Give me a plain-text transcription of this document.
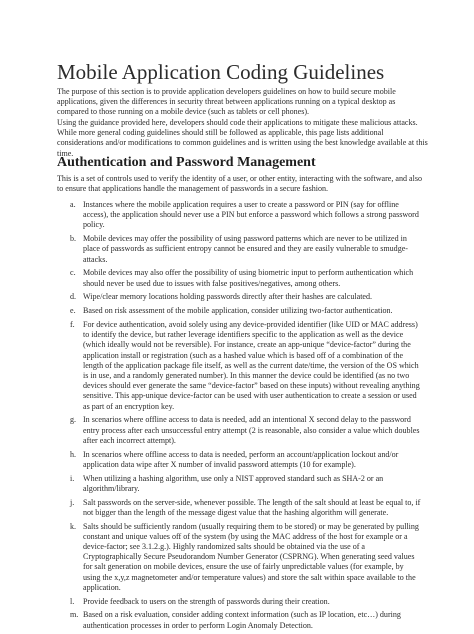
Mobile Application Coding Guidelines

The purpose of this section is to provide application developers guidelines on how to build secure mobile applications, given the differences in security threat between applications running on a typical desktop as compared to those running on a mobile device (such as tablets or cell phones).

Using the guidance provided here, developers should code their applications to mitigate these malicious attacks. While more general coding guidelines should still be followed as applicable, this page lists additional considerations and/or modifications to common guidelines and is written using the best knowledge available at this time.

Authentication and Password Management

This is a set of controls used to verify the identity of a user, or other entity, interacting with the software, and also to ensure that applications handle the management of passwords in a secure fashion.

a. Instances where the mobile application requires a user to create a password or PIN (say for offline access), the application should never use a PIN but enforce a password which follows a strong password policy.
b. Mobile devices may offer the possibility of using password patterns which are never to be utilized in place of passwords as sufficient entropy cannot be ensured and they are easily vulnerable to smudge-attacks.
c. Mobile devices may also offer the possibility of using biometric input to perform authentication which should never be used due to issues with false positives/negatives, among others.
d. Wipe/clear memory locations holding passwords directly after their hashes are calculated.
e. Based on risk assessment of the mobile application, consider utilizing two-factor authentication.
f. For device authentication, avoid solely using any device-provided identifier (like UID or MAC address) to identify the device, but rather leverage identifiers specific to the application as well as the device (which ideally would not be reversible). For instance, create an app-unique “device-factor” during the application install or registration (such as a hashed value which is based off of a combination of the length of the application package file itself, as well as the current date/time, the version of the OS which is in use, and a randomly generated number). In this manner the device could be identified (as no two devices should ever generate the same “device-factor” based on these inputs) without revealing anything sensitive. This app-unique device-factor can be used with user authentication to create a session or used as part of an encryption key.
g. In scenarios where offline access to data is needed, add an intentional X second delay to the password entry process after each unsuccessful entry attempt (2 is reasonable, also consider a value which doubles after each incorrect attempt).
h. In scenarios where offline access to data is needed, perform an account/application lockout and/or application data wipe after X number of invalid password attempts (10 for example).
i. When utilizing a hashing algorithm, use only a NIST approved standard such as SHA-2 or an algorithm/library.
j. Salt passwords on the server-side, whenever possible. The length of the salt should at least be equal to, if not bigger than the length of the message digest value that the hashing algorithm will generate.
k. Salts should be sufficiently random (usually requiring them to be stored) or may be generated by pulling constant and unique values off of the system (by using the MAC address of the host for example or a device-factor; see 3.1.2.g.). Highly randomized salts should be obtained via the use of a Cryptographically Secure Pseudorandom Number Generator (CSPRNG). When generating seed values for salt generation on mobile devices, ensure the use of fairly unpredictable values (for example, by using the x,y,z magnetometer and/or temperature values) and store the salt within space available to the application.
l. Provide feedback to users on the strength of passwords during their creation.
m. Based on a risk evaluation, consider adding context information (such as IP location, etc…) during authentication processes in order to perform Login Anomaly Detection.
